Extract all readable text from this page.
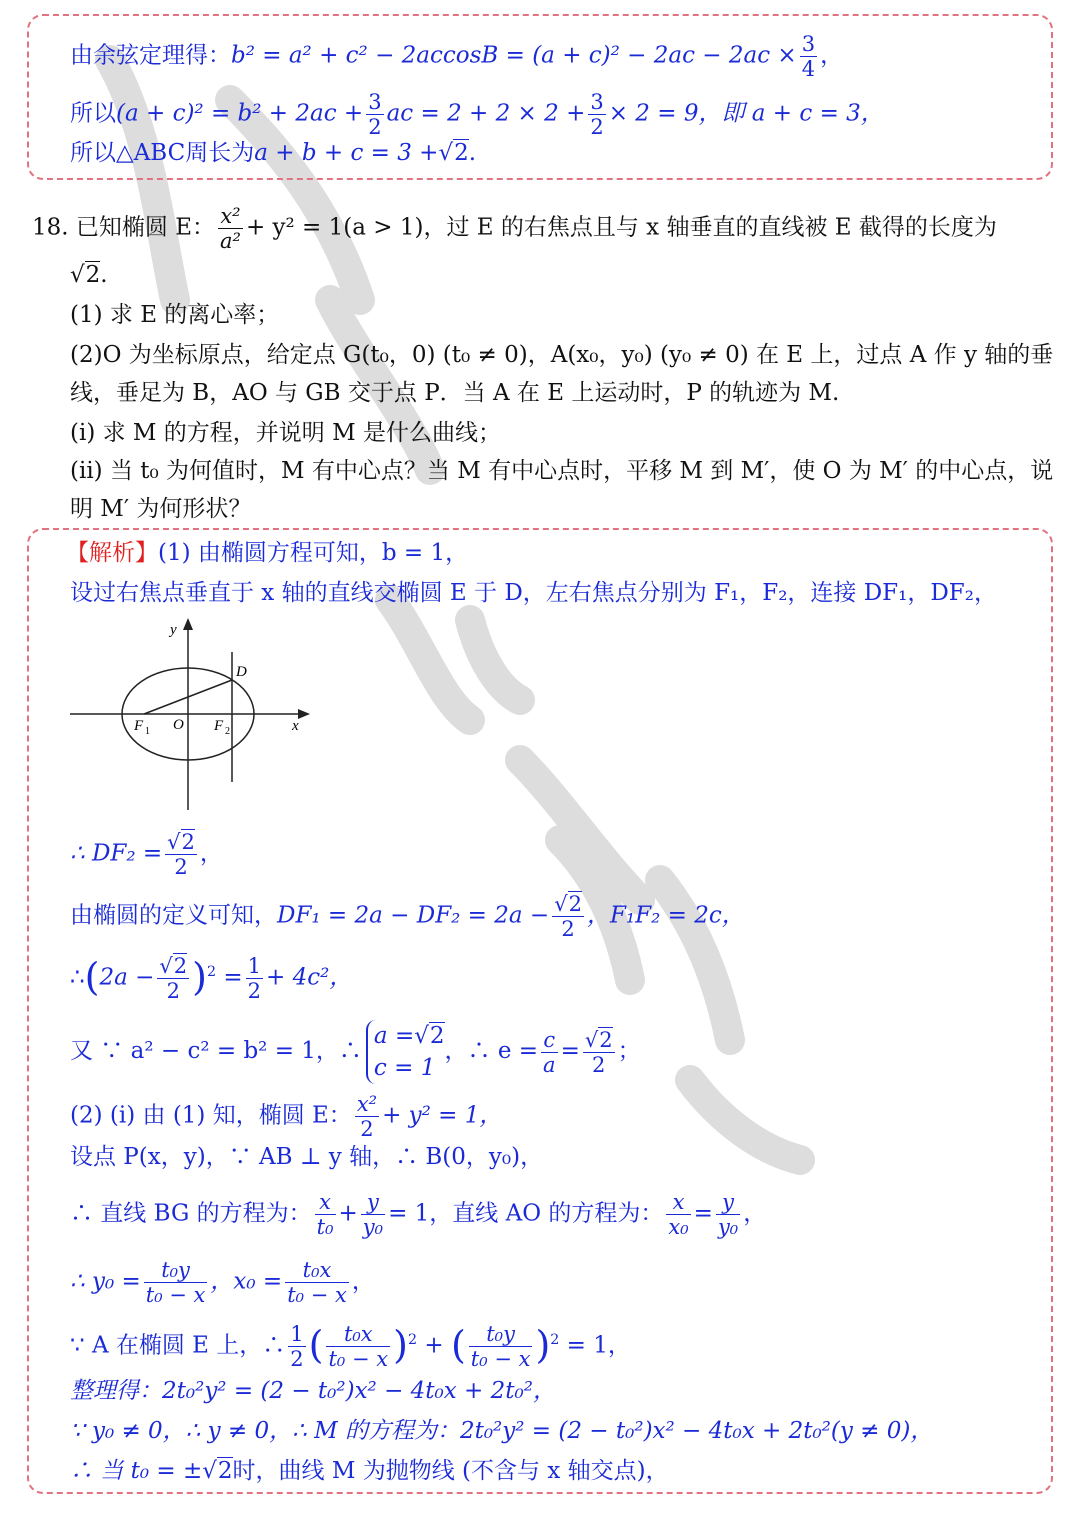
由余弦定理得：$b^2 = a^2 + c^2 - 2accosB = (a + c)^2 - 2ac - 2ac \times \frac{3}{4}$ ，
所以$(a + c)^2 = b^2 + 2ac + \frac{3}{2}$ ac = $2 + 2 \times 2 + \frac{3}{2} \times 2 = 9$，即 a + c = 3，
所以△ABC周长为a + b + c = 3 +√2.
18. 已知椭圆 E： $\frac{\text{x²}}{\text{a²}} + y^2 = 1(a > 1)$，过 E 的右焦点且与 x 轴垂直的直线被 E 截得的长度为
√2.
(1) 求 E 的离心率；
(2)O 为坐标原点，给定点 G(t₀，0) (t₀ ≠ 0)，A(x₀，y₀) (y₀ ≠ 0) 在 E 上，过点 A 作 y 轴的垂
线，垂足为 B，AO 与 GB 交于点 P．当 A 在 E 上运动时，P 的轨迹为 M.
(i) 求 M 的方程，并说明 M 是什么曲线；
(ii) 当 t₀ 为何值时，M 有中心点？当 M 有中心点时，平移 M 到 M′，使 O 为 M′ 的中心点，说
明 M′ 为何形状？
【解析】(1) 由椭圆方程可知，b = 1，
设过右焦点垂直于 x 轴的直线交椭圆 E 于 D，左右焦点分别为 F₁，F₂，连接 DF₁，DF₂，
y
x
D
O
F 1	F 2
∴ $DF_2 = \frac{√2}{2}$ ，
由椭圆的定义可知，$DF_1 = 2a - DF_2 = 2a - \frac{√2}{2}$ ，F₁F₂ = 2c，
∴(2a − $\frac{√2}{2} )^2 = \frac{1}{2} + 4c^2$，
又 ∵ a² − c² = b² = 1，∴
a =√2
c = 1
，∴ $e = \frac{c}{a} = \frac{√2}{2}$ ；
(2) (i) 由 (1) 知，椭圆 E： $\frac{\text{x²}}{2} + y^2 = 1$，
设点 P(x，y)，∵ AB ⊥ y 轴，∴ B(0，y₀)，
∴ 直线 BG 的方程为： $\frac{x}{\text{t₀}} + \frac{y}{\text{y₀}} = 1$，直线 AO 的方程为： $\frac{x}{\text{x₀}} = \frac{y}{\text{y₀}}$ ，
∴ $y_0 = \frac{\text{t₀y}}{\text{t₀ − x}}$ ，$x_0 = \frac{\text{t₀x}}{\text{t₀ − x}}$ ，
∵ A 在椭圆 E 上，∴ $\frac{1}{2}$ ( $\frac{\text{t₀x}}{\text{t₀ − x}} )^2$ + ( $\frac{\text{t₀y}}{\text{t₀ − x}} )^2 = 1$，
整理得：2t₀²y² = (2 − t₀²)x² − 4t₀x + 2t₀²，
∵ y₀ ≠ 0，∴ y ≠ 0，∴ M 的方程为：2t₀²y² = (2 − t₀²)x² − 4t₀x + 2t₀²(y ≠ 0)，
∴ 当 t₀ = ±√2时，曲线 M 为抛物线 (不含与 x 轴交点)，
